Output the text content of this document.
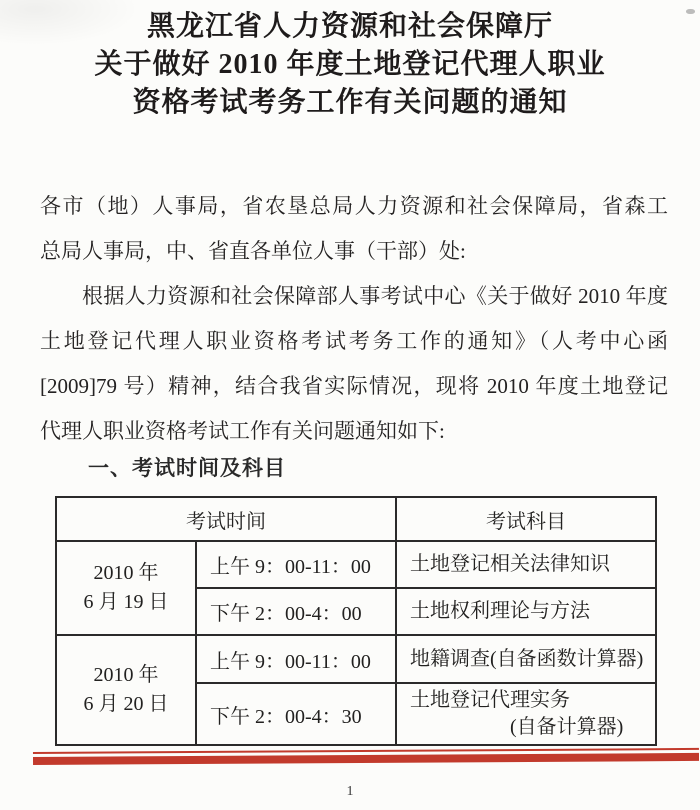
黑龙江省人力资源和社会保障厅
关于做好 2010 年度土地登记代理人职业
资格考试考务工作有关问题的通知
各市（地）人事局，省农垦总局人力资源和社会保障局，省森工
总局人事局，中、省直各单位人事（干部）处:
根据人力资源和社会保障部人事考试中心《关于做好 2010 年度
土地登记代理人职业资格考试考务工作的通知》（人考中心函
[2009]79 号）精神，结合我省实际情况，现将 2010 年度土地登记
代理人职业资格考试工作有关问题通知如下:
一、考试时间及科目
考试时间		考试科目

2010 年
6 月 19 日	上午 9：00-11：00	土地登记相关法律知识
	下午 2：00-4：00	土地权利理论与方法

2010 年
6 月 20 日	上午 9：00-11：00	地籍调查(自备函数计算器)
	下午 2：00-4：30	土地登记代理实务
(自备计算器)
1
